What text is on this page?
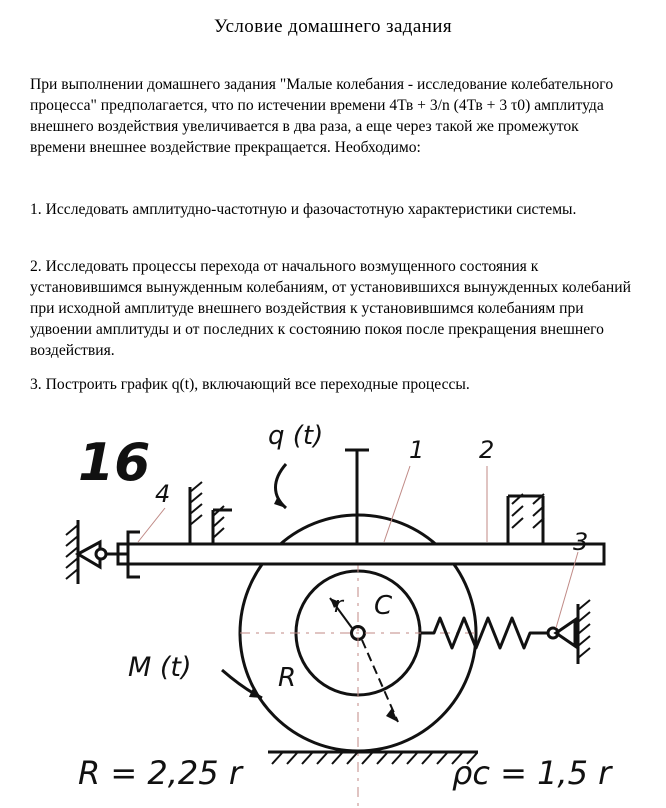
Условие домашнего задания

При выполнении домашнего задания "Малые колебания - исследование колебательного процесса" предполагается, что по истечении времени 4Тв + 3/n (4Тв + 3 τ0) амплитуда внешнего воздействия увеличивается в два раза, а еще через такой же промежуток времени внешнее воздействие прекращается. Необходимо:

1. Исследовать амплитудно-частотную и фазочастотную характеристики системы.

2. Исследовать процессы перехода от начального возмущенного состояния к установившимся вынужденным колебаниям, от установившихся вынужденных колебаний при исходной амплитуде внешнего воздействия к установившимся колебаниям при удвоении амплитуды и от последних к состоянию покоя после прекращения внешнего воздействия.

3. Построить график q(t), включающий все переходные процессы.

16	q (t)	1 2
3
4
C
r
R
M (t)
R = 2,25 r	ρc = 1,5 r
